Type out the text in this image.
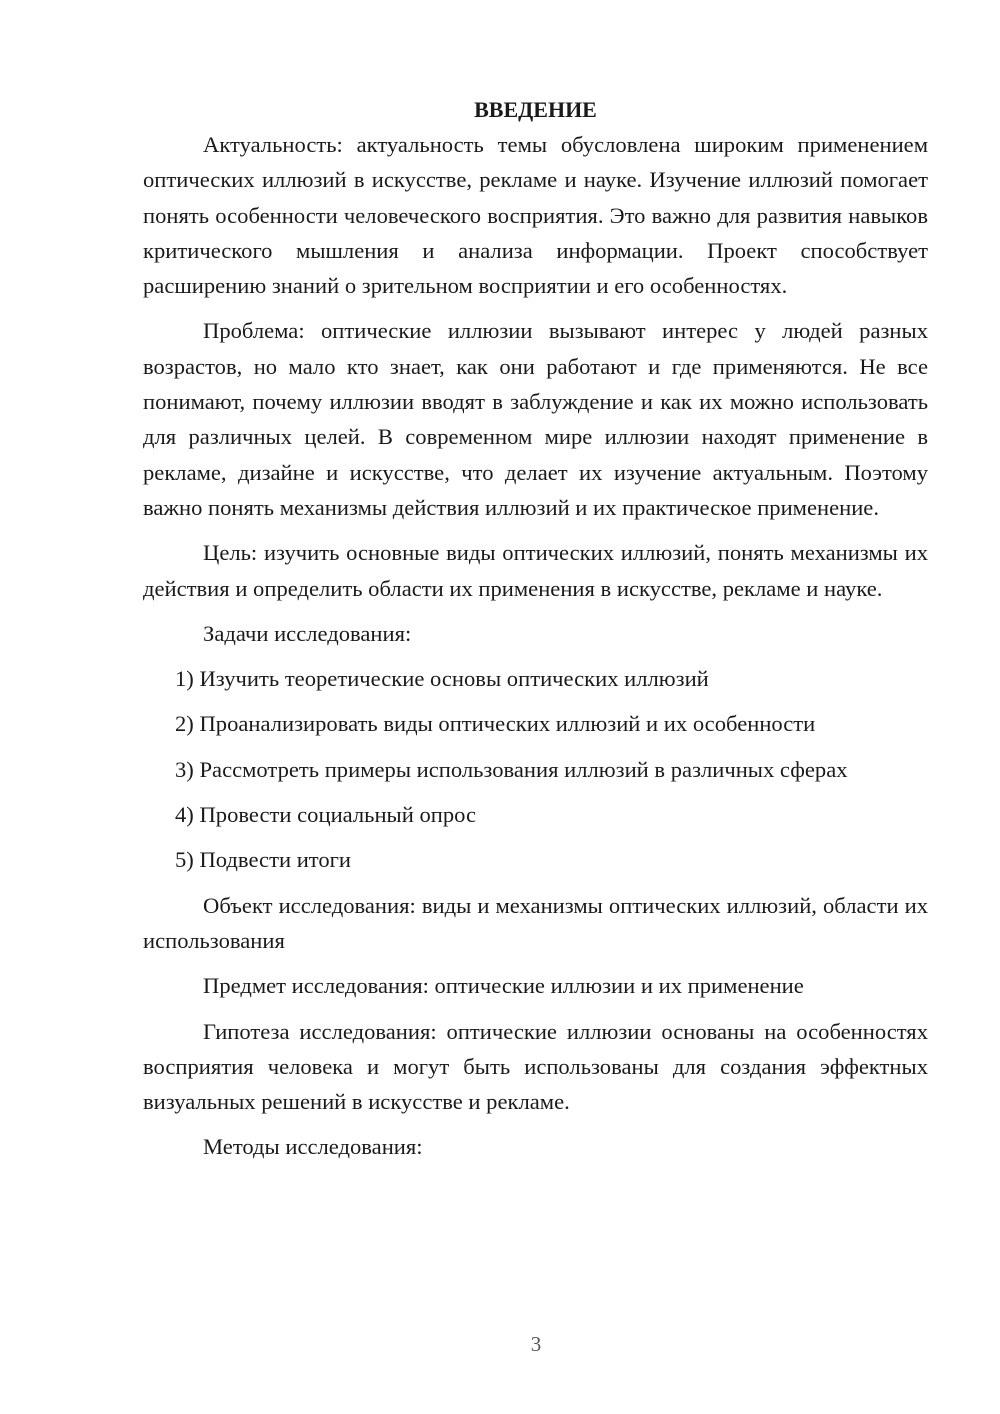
ВВЕДЕНИЕ

Актуальность: актуальность темы обусловлена широким применением оптических иллюзий в искусстве, рекламе и науке. Изучение иллюзий помогает понять особенности человеческого восприятия. Это важно для развития навыков критического мышления и анализа информации. Проект способствует расширению знаний о зрительном восприятии и его особенностях.

Проблема: оптические иллюзии вызывают интерес у людей разных возрастов, но мало кто знает, как они работают и где применяются. Не все понимают, почему иллюзии вводят в заблуждение и как их можно использовать для различных целей. В современном мире иллюзии находят применение в рекламе, дизайне и искусстве, что делает их изучение актуальным. Поэтому важно понять механизмы действия иллюзий и их практическое применение.

Цель: изучить основные виды оптических иллюзий, понять механизмы их действия и определить области их применения в искусстве, рекламе и науке.

Задачи исследования:

1) Изучить теоретические основы оптических иллюзий
2) Проанализировать виды оптических иллюзий и их особенности
3) Рассмотреть примеры использования иллюзий в различных сферах
4) Провести социальный опрос
5) Подвести итоги

Объект исследования: виды и механизмы оптических иллюзий, области их использования

Предмет исследования: оптические иллюзии и их применение

Гипотеза исследования: оптические иллюзии основаны на особенностях восприятия человека и могут быть использованы для создания эффектных визуальных решений в искусстве и рекламе.

Методы исследования:

3
